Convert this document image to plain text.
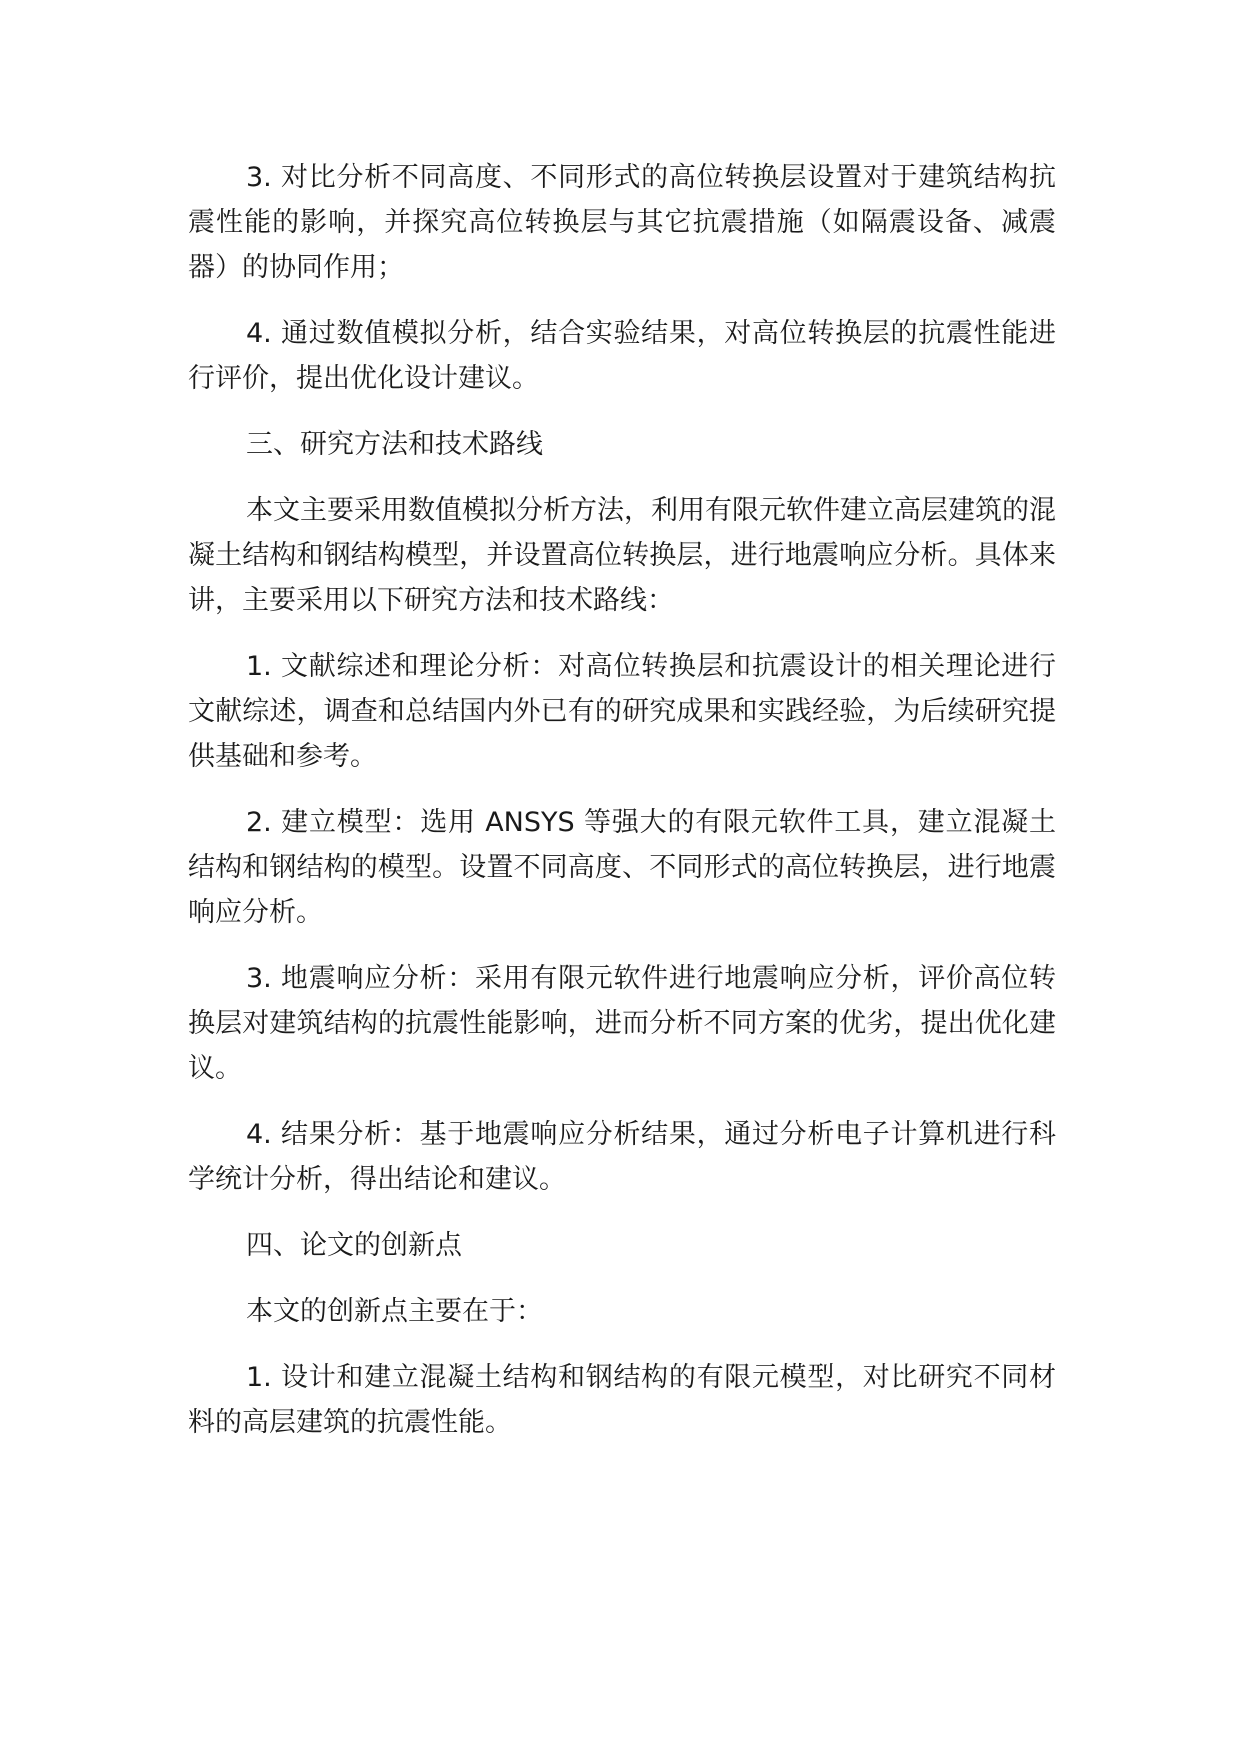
3. 对比分析不同高度、不同形式的高位转换层设置对于建筑结构抗震性能的影响，并探究高位转换层与其它抗震措施（如隔震设备、减震器）的协同作用；

4. 通过数值模拟分析，结合实验结果，对高位转换层的抗震性能进行评价，提出优化设计建议。

三、研究方法和技术路线

本文主要采用数值模拟分析方法，利用有限元软件建立高层建筑的混凝土结构和钢结构模型，并设置高位转换层，进行地震响应分析。具体来讲，主要采用以下研究方法和技术路线：

1. 文献综述和理论分析：对高位转换层和抗震设计的相关理论进行文献综述，调查和总结国内外已有的研究成果和实践经验，为后续研究提供基础和参考。

2. 建立模型：选用 ANSYS 等强大的有限元软件工具，建立混凝土结构和钢结构的模型。设置不同高度、不同形式的高位转换层，进行地震响应分析。

3. 地震响应分析：采用有限元软件进行地震响应分析，评价高位转换层对建筑结构的抗震性能影响，进而分析不同方案的优劣，提出优化建议。

4. 结果分析：基于地震响应分析结果，通过分析电子计算机进行科学统计分析，得出结论和建议。

四、论文的创新点

本文的创新点主要在于：

1. 设计和建立混凝土结构和钢结构的有限元模型，对比研究不同材料的高层建筑的抗震性能。
